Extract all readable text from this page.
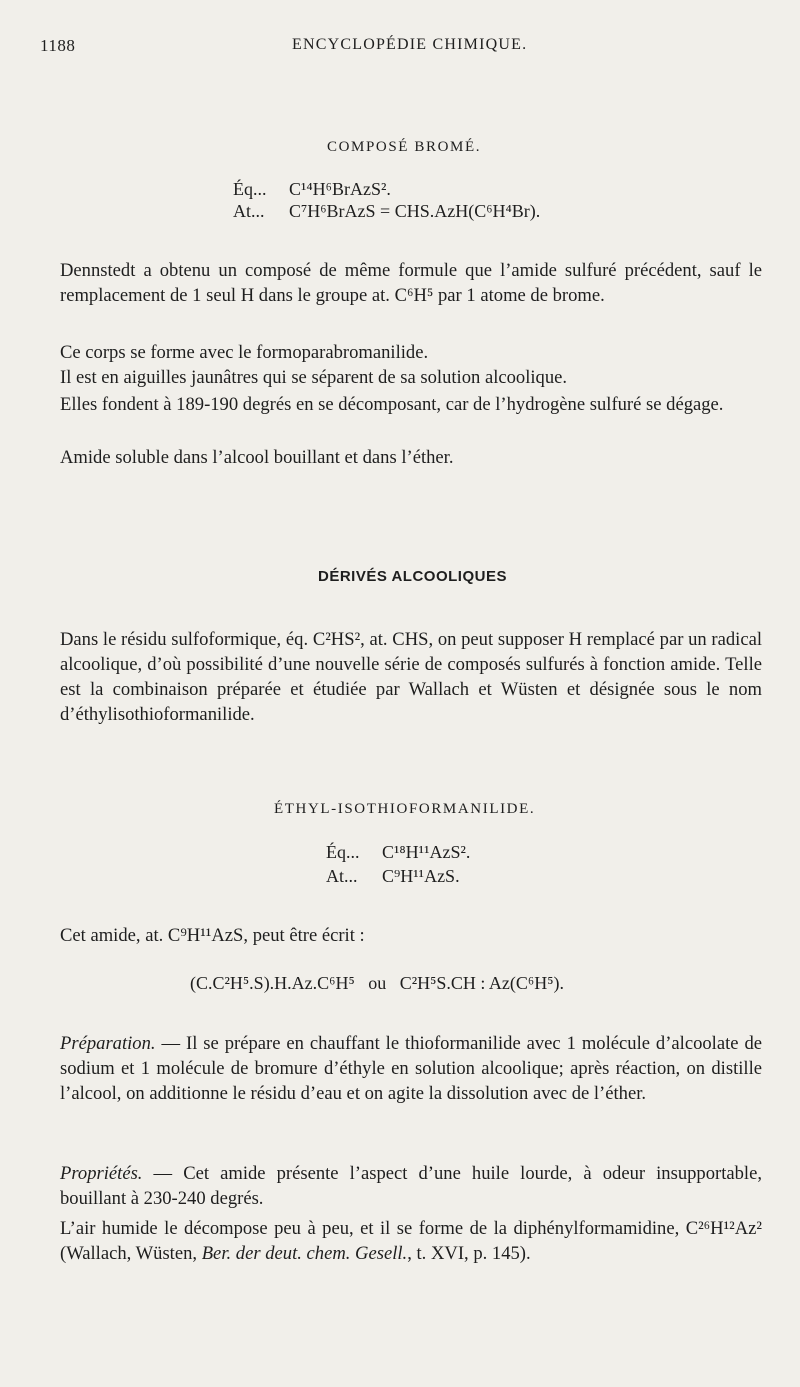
1188	ENCYCLOPÉDIE CHIMIQUE.
COMPOSÉ BROMÉ.
Éq... C¹⁴H⁶BrAzS².
At... C⁷H⁶BrAzS = CHS.AzH(C⁶H⁴Br).
Dennstedt a obtenu un composé de même formule que l’amide sulfuré précédent, sauf le remplacement de 1 seul H dans le groupe at. C⁶H⁵ par 1 atome de brome.
Ce corps se forme avec le formoparabromanilide.
Il est en aiguilles jaunâtres qui se séparent de sa solution alcoolique.
Elles fondent à 189-190 degrés en se décomposant, car de l’hydrogène sulfuré se dégage.
Amide soluble dans l’alcool bouillant et dans l’éther.
DÉRIVÉS ALCOOLIQUES
Dans le résidu sulfoformique, éq. C²HS², at. CHS, on peut supposer H remplacé par un radical alcoolique, d’où possibilité d’une nouvelle série de composés sulfurés à fonction amide. Telle est la combinaison préparée et étudiée par Wallach et Wüsten et désignée sous le nom d’éthylisothioformanilide.
ÉTHYL-ISOTHIOFORMANILIDE.
Éq... C¹⁸H¹¹AzS².
At... C⁹H¹¹AzS.
Cet amide, at. C⁹H¹¹AzS, peut être écrit :
(C.C²H⁵.S).H.Az.C⁶H⁵   ou   C²H⁵S.CH : Az(C⁶H⁵).
Préparation. — Il se prépare en chauffant le thioformanilide avec 1 molécule d’alcoolate de sodium et 1 molécule de bromure d’éthyle en solution alcoolique; après réaction, on distille l’alcool, on additionne le résidu d’eau et on agite la dissolution avec de l’éther.
Propriétés. — Cet amide présente l’aspect d’une huile lourde, à odeur insupportable, bouillant à 230-240 degrés.
L’air humide le décompose peu à peu, et il se forme de la diphénylformamidine, C²⁶H¹²Az² (Wallach, Wüsten, Ber. der deut. chem. Gesell., t. XVI, p. 145).
